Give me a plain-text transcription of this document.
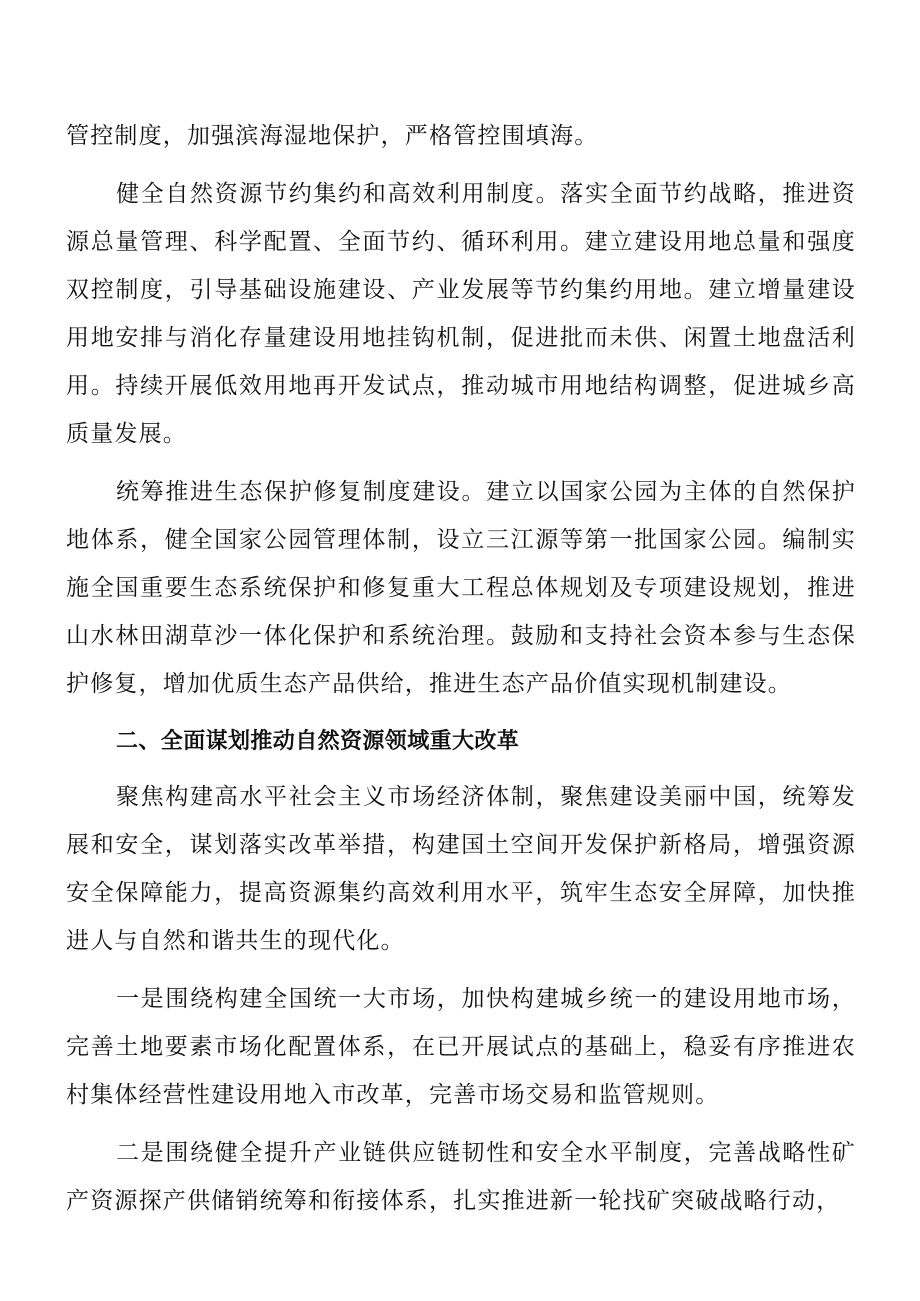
管控制度，加强滨海湿地保护，严格管控围填海。

健全自然资源节约集约和高效利用制度。落实全面节约战略，推进资源总量管理、科学配置、全面节约、循环利用。建立建设用地总量和强度双控制度，引导基础设施建设、产业发展等节约集约用地。建立增量建设用地安排与消化存量建设用地挂钩机制，促进批而未供、闲置土地盘活利用。持续开展低效用地再开发试点，推动城市用地结构调整，促进城乡高质量发展。

统筹推进生态保护修复制度建设。建立以国家公园为主体的自然保护地体系，健全国家公园管理体制，设立三江源等第一批国家公园。编制实施全国重要生态系统保护和修复重大工程总体规划及专项建设规划，推进山水林田湖草沙一体化保护和系统治理。鼓励和支持社会资本参与生态保护修复，增加优质生态产品供给，推进生态产品价值实现机制建设。

二、全面谋划推动自然资源领域重大改革

聚焦构建高水平社会主义市场经济体制，聚焦建设美丽中国，统筹发展和安全，谋划落实改革举措，构建国土空间开发保护新格局，增强资源安全保障能力，提高资源集约高效利用水平，筑牢生态安全屏障，加快推进人与自然和谐共生的现代化。

一是围绕构建全国统一大市场，加快构建城乡统一的建设用地市场，完善土地要素市场化配置体系，在已开展试点的基础上，稳妥有序推进农村集体经营性建设用地入市改革，完善市场交易和监管规则。

二是围绕健全提升产业链供应链韧性和安全水平制度，完善战略性矿产资源探产供储销统筹和衔接体系，扎实推进新一轮找矿突破战略行动，
